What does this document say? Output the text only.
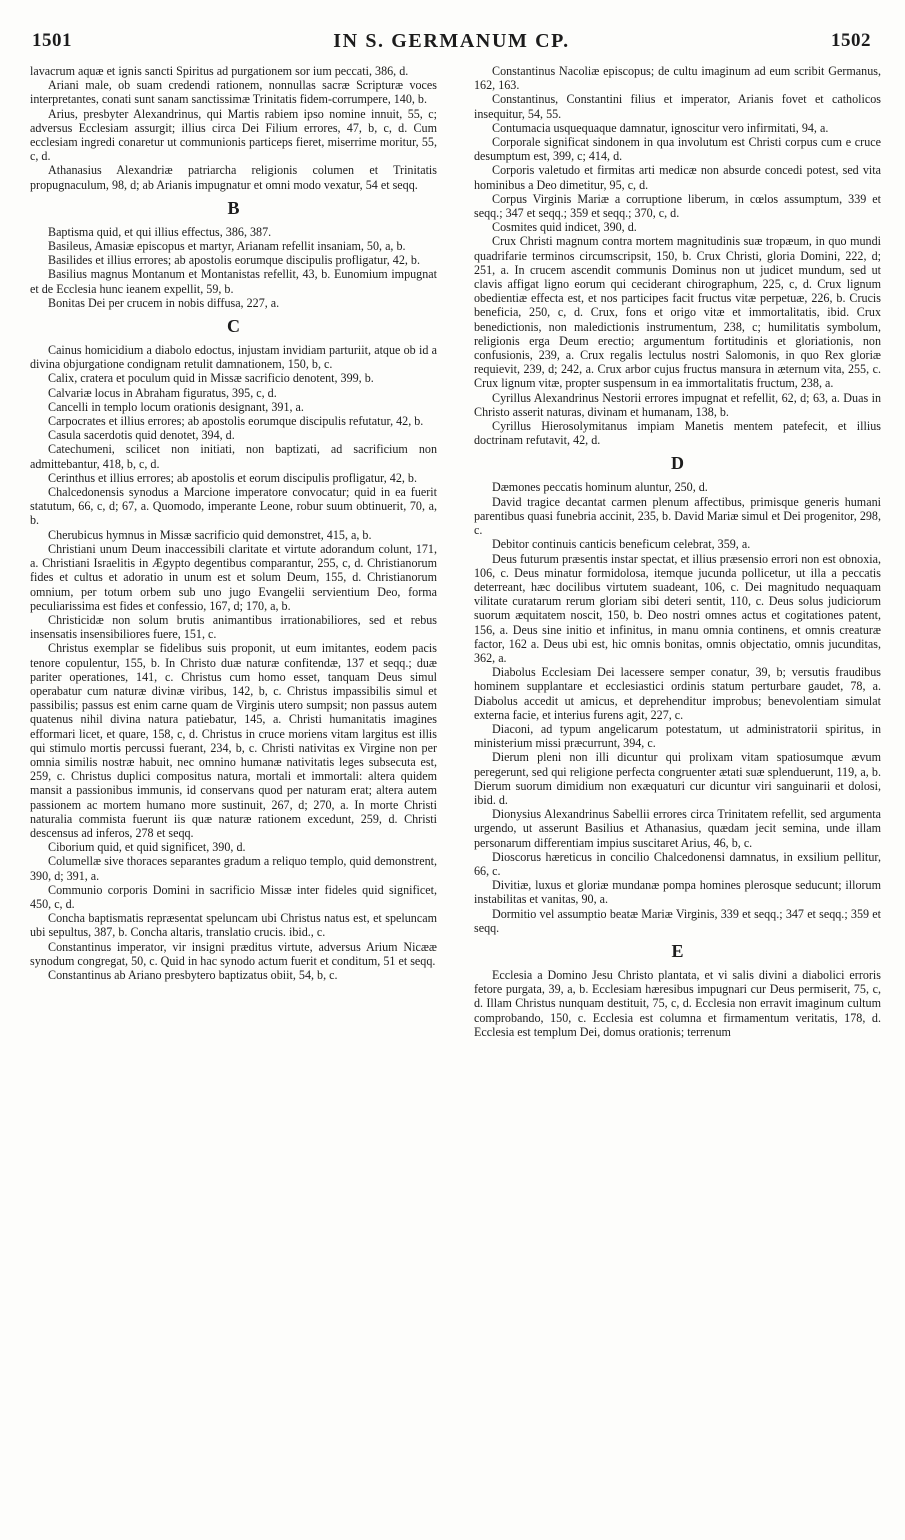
1501	IN S. GERMANUM CP.	1502

lavacrum aquæ et ignis sancti Spiritus ad purgationem sor ium peccati, 386, d.

Ariani male, ob suam credendi rationem, nonnullas sacræ Scripturæ voces interpretantes, conati sunt sanam sanctissimæ Trinitatis fidem-corrumpere, 140, b.

Arius, presbyter Alexandrinus, qui Martis rabiem ipso nomine innuit, 55, c; adversus Ecclesiam assurgit; illius circa Dei Filium errores, 47, b, c, d. Cum ecclesiam ingredi conaretur ut communionis particeps fieret, miserrime moritur, 55, c, d.

Athanasius Alexandriæ patriarcha religionis columen et Trinitatis propugnaculum, 98, d; ab Arianis impugnatur et omni modo vexatur, 54 et seqq.

B

Baptisma quid, et qui illius effectus, 386, 387.

Basileus, Amasiæ episcopus et martyr, Arianam refellit insaniam, 50, a, b.

Basilides et illius errores; ab apostolis eorumque discipulis profligatur, 42, b.

Basilius magnus Montanum et Montanistas refellit, 43, b. Eunomium impugnat et de Ecclesia hunc ieanem expellit, 59, b.

Bonitas Dei per crucem in nobis diffusa, 227, a.

C

Cainus homicidium a diabolo edoctus, injustam invidiam parturiit, atque ob id a divina objurgatione condignam retulit damnationem, 150, b, c.

Calix, cratera et poculum quid in Missæ sacrificio denotent, 399, b.

Calvariæ locus in Abraham figuratus, 395, c, d.

Cancelli in templo locum orationis designant, 391, a.

Carpocrates et illius errores; ab apostolis eorumque discipulis refutatur, 42, b.

Casula sacerdotis quid denotet, 394, d.

Catechumeni, scilicet non initiati, non baptizati, ad sacrificium non admittebantur, 418, b, c, d.

Cerinthus et illius errores; ab apostolis et eorum discipulis profligatur, 42, b.

Chalcedonensis synodus a Marcione imperatore convocatur; quid in ea fuerit statutum, 66, c, d; 67, a. Quomodo, imperante Leone, robur suum obtinuerit, 70, a, b.

Cherubicus hymnus in Missæ sacrificio quid demonstret, 415, a, b.

Christiani unum Deum inaccessibili claritate et virtute adorandum colunt, 171, a. Christiani Israelitis in Ægypto degentibus comparantur, 255, c, d. Christianorum fides et cultus et adoratio in unum est et solum Deum, 155, d. Christianorum omnium, per totum orbem sub uno jugo Evangelii servientium Deo, forma peculiarissima est fides et confessio, 167, d; 170, a, b.

Christicidæ non solum brutis animantibus irrationabiliores, sed et rebus insensatis insensibiliores fuere, 151, c.

Christus exemplar se fidelibus suis proponit, ut eum imitantes, eodem pacis tenore copulentur, 155, b. In Christo duæ naturæ confitendæ, 137 et seqq.; duæ pariter operationes, 141, c. Christus cum homo esset, tanquam Deus simul operabatur cum naturæ divinæ viribus, 142, b, c. Christus impassibilis simul et passibilis; passus est enim carne quam de Virginis utero sumpsit; non passus autem quatenus nihil divina natura patiebatur, 145, a. Christi humanitatis imagines efformari licet, et quare, 158, c, d. Christus in cruce moriens vitam largitus est illis qui stimulo mortis percussi fuerant, 234, b, c. Christi nativitas ex Virgine non per omnia similis nostræ habuit, nec omnino humanæ nativitatis leges subsecuta est, 259, c. Christus duplici compositus natura, mortali et immortali: altera quidem mansit a passionibus immunis, id conservans quod per naturam erat; altera autem passionem ac mortem humano more sustinuit, 267, d; 270, a. In morte Christi naturalia commista fuerunt iis quæ naturæ rationem excedunt, 259, d. Christi descensus ad inferos, 278 et seqq.

Ciborium quid, et quid significet, 390, d.

Columellæ sive thoraces separantes gradum a reliquo templo, quid demonstrent, 390, d; 391, a.

Communio corporis Domini in sacrificio Missæ inter fideles quid significet, 450, c, d.

Concha baptismatis repræsentat speluncam ubi Christus natus est, et speluncam ubi sepultus, 387, b. Concha altaris, translatio crucis. ibid., c.

Constantinus imperator, vir insigni præditus virtute, adversus Arium Nicææ synodum congregat, 50, c. Quid in hac synodo actum fuerit et conditum, 51 et seqq.

Constantinus ab Ariano presbytero baptizatus obiit, 54, b, c.

Constantinus Nacoliæ episcopus; de cultu imaginum ad eum scribit Germanus, 162, 163.

Constantinus, Constantini filius et imperator, Arianis fovet et catholicos insequitur, 54, 55.

Contumacia usquequaque damnatur, ignoscitur vero infirmitati, 94, a.

Corporale significat sindonem in qua involutum est Christi corpus cum e cruce desumptum est, 399, c; 414, d.

Corporis valetudo et firmitas arti medicæ non absurde concedi potest, sed vita hominibus a Deo dimetitur, 95, c, d.

Corpus Virginis Mariæ a corruptione liberum, in cœlos assumptum, 339 et seqq.; 347 et seqq.; 359 et seqq.; 370, c, d.

Cosmites quid indicet, 390, d.

Crux Christi magnum contra mortem magnitudinis suæ tropæum, in quo mundi quadrifarie terminos circumscripsit, 150, b. Crux Christi, gloria Domini, 222, d; 251, a. In crucem ascendit communis Dominus non ut judicet mundum, sed ut clavis affigat ligno eorum qui ceciderant chirographum, 225, c, d. Crux lignum obedientiæ effecta est, et nos participes facit fructus vitæ perpetuæ, 226, b. Crucis beneficia, 250, c, d. Crux, fons et origo vitæ et immortalitatis, ibid. Crux benedictionis, non maledictionis instrumentum, 238, c; humilitatis symbolum, religionis erga Deum erectio; argumentum fortitudinis et gloriationis, non confusionis, 239, a. Crux regalis lectulus nostri Salomonis, in quo Rex gloriæ requievit, 239, d; 242, a. Crux arbor cujus fructus mansura in æternum vita, 255, c. Crux lignum vitæ, propter suspensum in ea immortalitatis fructum, 238, a.

Cyrillus Alexandrinus Nestorii errores impugnat et refellit, 62, d; 63, a. Duas in Christo asserit naturas, divinam et humanam, 138, b.

Cyrillus Hierosolymitanus impiam Manetis mentem patefecit, et illius doctrinam refutavit, 42, d.

D

Dæmones peccatis hominum aluntur, 250, d.

David tragice decantat carmen plenum affectibus, primisque generis humani parentibus quasi funebria accinit, 235, b. David Mariæ simul et Dei progenitor, 298, c.

Debitor continuis canticis beneficum celebrat, 359, a.

Deus futurum præsentis instar spectat, et illius præsensio errori non est obnoxia, 106, c. Deus minatur formidolosa, itemque jucunda pollicetur, ut illa a peccatis deterreant, hæc docilibus virtutem suadeant, 106, c. Dei magnitudo nequaquam vilitate curatarum rerum gloriam sibi deteri sentit, 110, c. Deus solus judiciorum suorum æquitatem noscit, 150, b. Deo nostri omnes actus et cogitationes patent, 156, a. Deus sine initio et infinitus, in manu omnia continens, et omnis creaturæ factor, 162 a. Deus ubi est, hic omnis bonitas, omnis objectatio, omnis jucunditas, 362, a.

Diabolus Ecclesiam Dei lacessere semper conatur, 39, b; versutis fraudibus hominem supplantare et ecclesiastici ordinis statum perturbare gaudet, 78, a. Diabolus accedit ut amicus, et deprehenditur improbus; benevolentiam simulat externa facie, et interius furens agit, 227, c.

Diaconi, ad typum angelicarum potestatum, ut administratorii spiritus, in ministerium missi præcurrunt, 394, c.

Dierum pleni non illi dicuntur qui prolixam vitam spatiosumque ævum peregerunt, sed qui religione perfecta congruenter ætati suæ splenduerunt, 119, a, b. Dierum suorum dimidium non exæquaturi cur dicuntur viri sanguinarii et dolosi, ibid. d.

Dionysius Alexandrinus Sabellii errores circa Trinitatem refellit, sed argumenta urgendo, ut asserunt Basilius et Athanasius, quædam jecit semina, unde illam personarum differentiam impius suscitaret Arius, 46, b, c.

Dioscorus hæreticus in concilio Chalcedonensi damnatus, in exsilium pellitur, 66, c.

Divitiæ, luxus et gloriæ mundanæ pompa homines plerosque seducunt; illorum instabilitas et vanitas, 90, a.

Dormitio vel assumptio beatæ Mariæ Virginis, 339 et seqq.; 347 et seqq.; 359 et seqq.

E

Ecclesia a Domino Jesu Christo plantata, et vi salis divini a diabolici erroris fetore purgata, 39, a, b. Ecclesiam hæresibus impugnari cur Deus permiserit, 75, c, d. Illam Christus nunquam destituit, 75, c, d. Ecclesia non erravit imaginum cultum comprobando, 150, c. Ecclesia est columna et firmamentum veritatis, 178, d. Ecclesia est templum Dei, domus orationis; terrenum
